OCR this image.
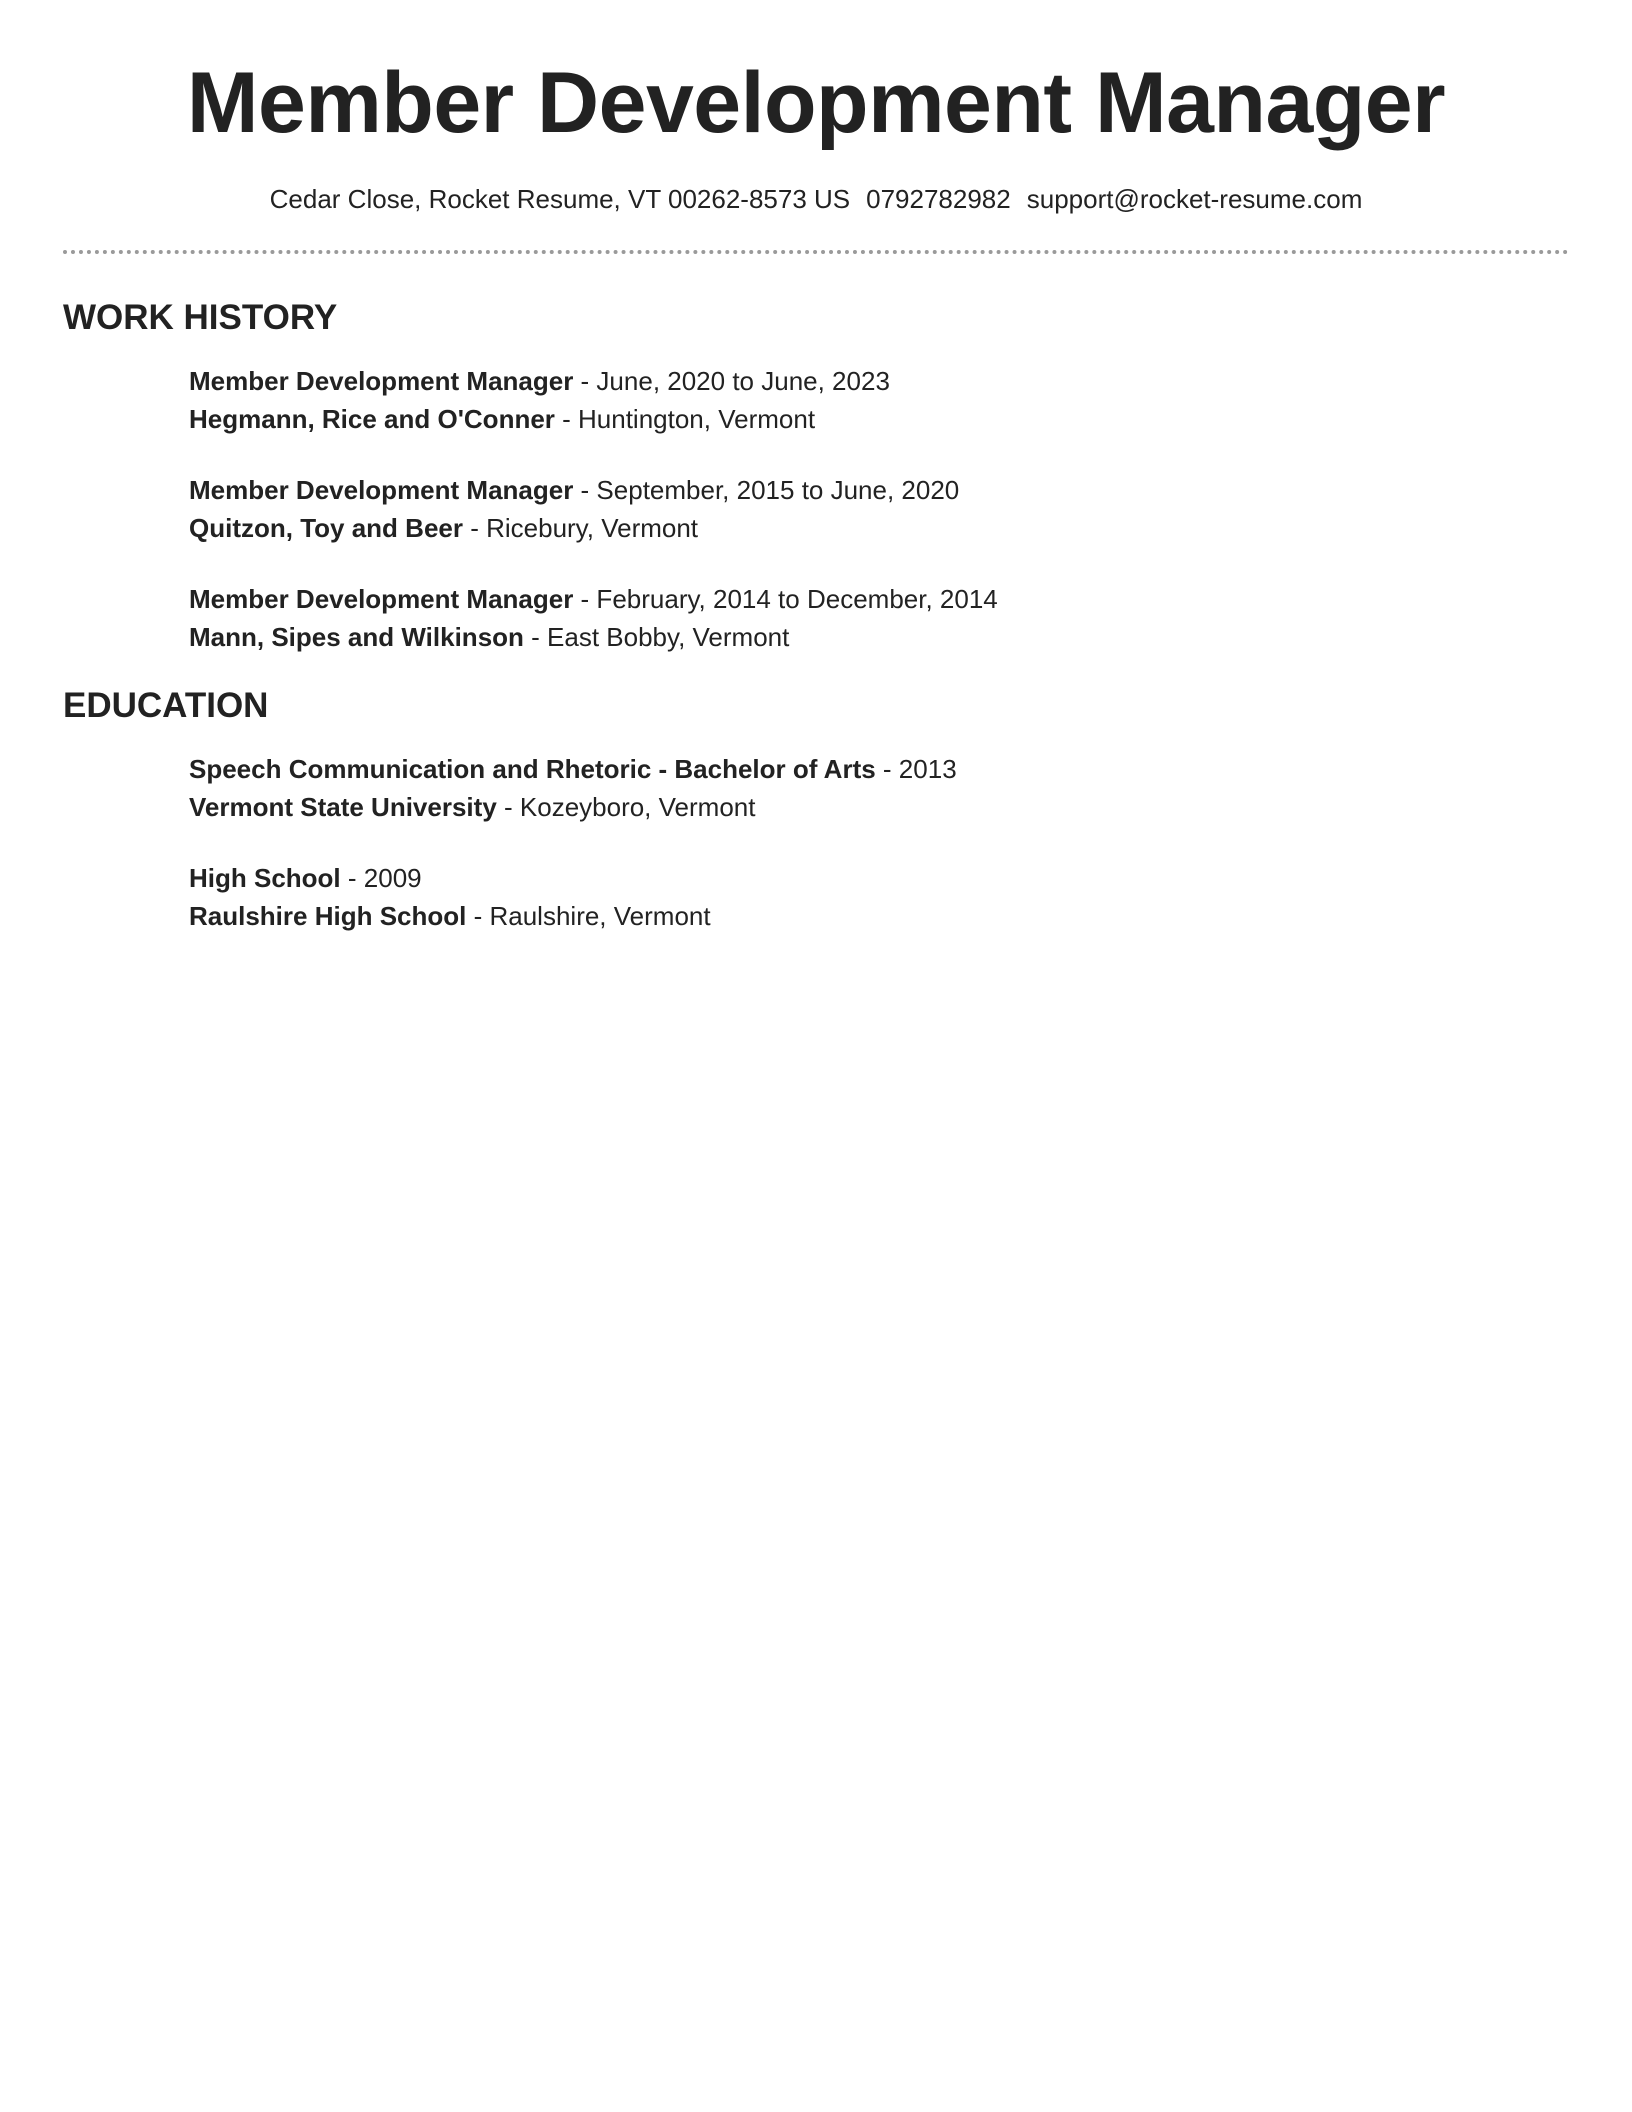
Member Development Manager
Cedar Close, Rocket Resume, VT 00262-8573 US 0792782982 support@rocket-resume.com
WORK HISTORY
Member Development Manager - June, 2020 to June, 2023
Hegmann, Rice and O'Conner - Huntington, Vermont
Member Development Manager - September, 2015 to June, 2020
Quitzon, Toy and Beer - Ricebury, Vermont
Member Development Manager - February, 2014 to December, 2014
Mann, Sipes and Wilkinson - East Bobby, Vermont
EDUCATION
Speech Communication and Rhetoric - Bachelor of Arts - 2013
Vermont State University - Kozeyboro, Vermont
High School - 2009
Raulshire High School - Raulshire, Vermont
